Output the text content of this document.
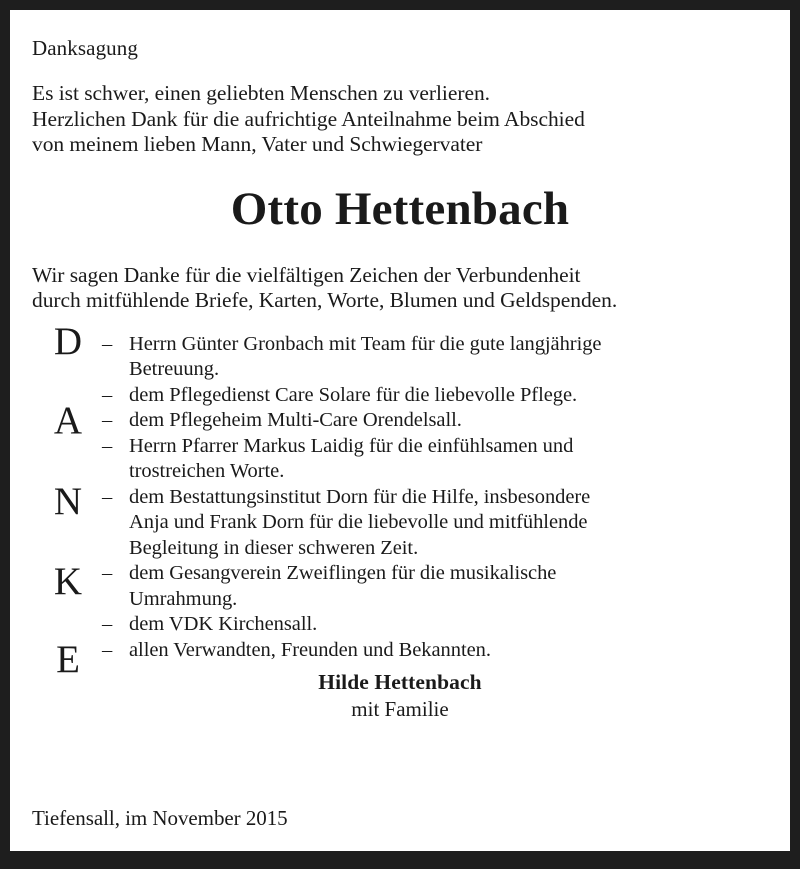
Danksagung
Es ist schwer, einen geliebten Menschen zu verlieren.
Herzlichen Dank für die aufrichtige Anteilnahme beim Abschied
von meinem lieben Mann, Vater und Schwiegervater
Otto Hettenbach
Wir sagen Danke für die vielfältigen Zeichen der Verbundenheit
durch mitfühlende Briefe, Karten, Worte, Blumen und Geldspenden.
D
A
N
K
E
– Herrn Günter Gronbach mit Team für die gute langjährige
Betreuung.
– dem Pflegedienst Care Solare für die liebevolle Pflege.
– dem Pflegeheim Multi-Care Orendelsall.
– Herrn Pfarrer Markus Laidig für die einfühlsamen und
trostreichen Worte.
– dem Bestattungsinstitut Dorn für die Hilfe, insbesondere
Anja und Frank Dorn für die liebevolle und mitfühlende
Begleitung in dieser schweren Zeit.
– dem Gesangverein Zweiflingen für die musikalische
Umrahmung.
– dem VDK Kirchensall.
– allen Verwandten, Freunden und Bekannten.
Hilde Hettenbach
mit Familie
Tiefensall, im November 2015
